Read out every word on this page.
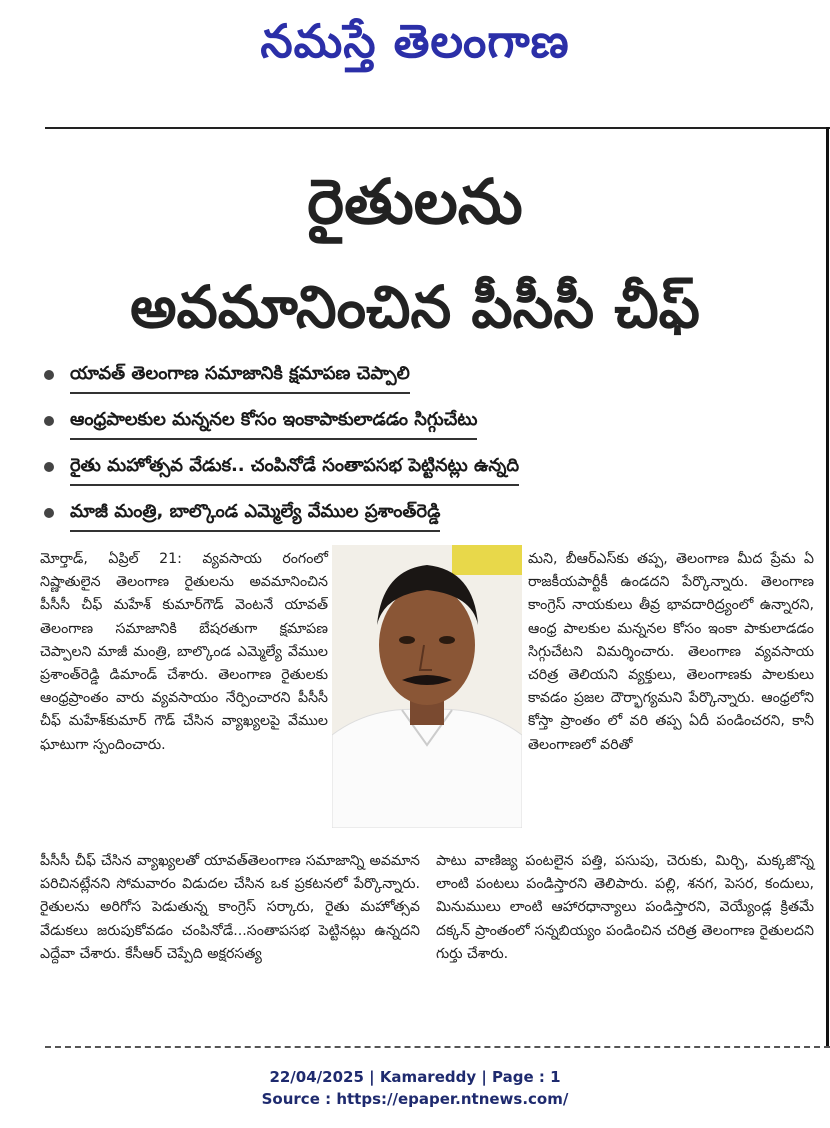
నమస్తే తెలంగాణ
రైతులను
అవమానించిన పీసీసీ చీఫ్
యావత్ తెలంగాణ సమాజానికి క్షమాపణ చెప్పాలి
ఆంధ్రపాలకుల మన్ననల కోసం ఇంకాపాకులాడడం సిగ్గుచేటు
రైతు మహోత్సవ వేడుక.. చంపినోడే సంతాపసభ పెట్టినట్లు ఉన్నది
మాజీ మంత్రి, బాల్కొండ ఎమ్మెల్యే వేముల ప్రశాంత్‌రెడ్డి

మోర్తాడ్, ఏప్రిల్ 21: వ్యవసాయ రంగంలో నిష్ణాతులైన తెలంగాణ రైతులను అవమానించిన పీసీసీ చీఫ్ మహేశ్ కుమార్‌గౌడ్ వెంటనే యావత్ తెలంగాణ సమాజానికి బేషరతుగా క్షమాపణ చెప్పాలని మాజీ మంత్రి, బాల్కొండ ఎమ్మెల్యే వేముల ప్రశాంత్‌రెడ్డి డిమాండ్ చేశారు. తెలంగాణ రైతులకు ఆంధ్రప్రాంతం వారు వ్యవసాయం నేర్పించారని పీసీసీ చీఫ్ మహేశ్‌కుమార్ గౌడ్ చేసిన వ్యాఖ్యలపై వేముల ఘాటుగా స్పందించారు.

మని, బీఆర్ఎస్‌కు తప్ప, తెలంగాణ మీద ప్రేమ ఏ రాజకీయపార్టీకీ ఉండదని పేర్కొన్నారు. తెలంగాణ కాంగ్రెస్ నాయకులు తీవ్ర భావదారిద్ర్యంలో ఉన్నారని, ఆంధ్ర పాలకుల మన్ననల కోసం ఇంకా పాకులాడడం సిగ్గుచేటని విమర్శించారు. తెలంగాణ వ్యవసాయ చరిత్ర తెలియని వ్యక్తులు, తెలంగాణకు పాలకులు కావడం ప్రజల దౌర్భాగ్యమని పేర్కొన్నారు. ఆంధ్రలోని కోస్తా ప్రాంతం లో వరి తప్ప ఏదీ పండించరని, కానీ తెలంగాణలో వరితో

పీసీసీ చీఫ్ చేసిన వ్యాఖ్యలతో యావత్‌తెలంగాణ సమాజాన్ని అవమాన పరిచినట్లేనని సోమవారం విడుదల చేసిన ఒక ప్రకటనలో పేర్కొన్నారు. రైతులను అరిగోస పెడుతున్న కాంగ్రెస్ సర్కారు, రైతు మహోత్సవ వేడుకలు జరుపుకోవడం చంపినోడే...సంతాపసభ పెట్టినట్లు ఉన్నదని ఎద్దేవా చేశారు. కేసీఆర్ చెప్పేది అక్షరసత్య

పాటు వాణిజ్య పంటలైన పత్తి, పసుపు, చెరుకు, మిర్చి, మక్కజొన్న లాంటి పంటలు పండిస్తారని తెలిపారు. పల్లి, శనగ, పెసర, కందులు, మినుములు లాంటి ఆహారధాన్యాలు పండిస్తారని, వెయ్యేండ్ల క్రితమే దక్కన్ ప్రాంతంలో సన్నబియ్యం పండించిన చరిత్ర తెలంగాణ రైతులదని గుర్తు చేశారు.

22/04/2025 | Kamareddy | Page : 1
Source : https://epaper.ntnews.com/
